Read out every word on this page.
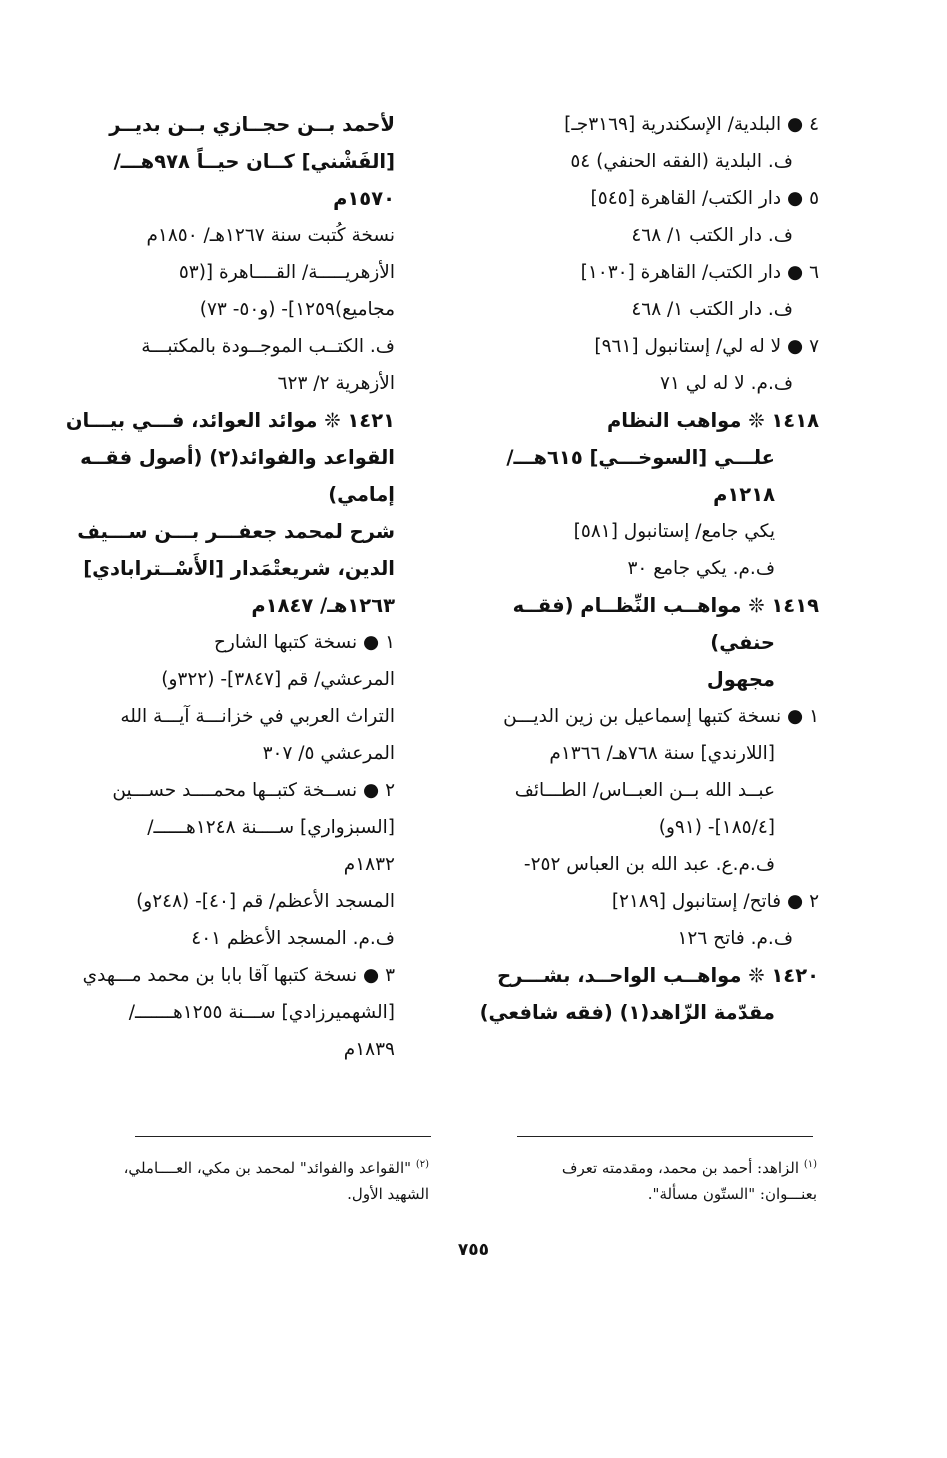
٤ ● البلدية/ الإسكندرية [٣١٦٩جـ]
ف. البلدية (الفقه الحنفي) ٥٤
٥ ● دار الكتب/ القاهرة [٥٤٥]
ف. دار الكتب ١/ ٤٦٨
٦ ● دار الكتب/ القاهرة [١٠٣٠]
ف. دار الكتب ١/ ٤٦٨
٧ ● لا له لي/ إستانبول [٩٦١]
ف.م. لا له لي ٧١
١٤١٨ ❊ مواهب النظام
علـــي [السوخـــي] ٦١٥هـــ/
١٢١٨م
يكي جامع/ إستانبول [٥٨١]
ف.م. يكي جامع ٣٠
١٤١٩ ❊ مواهــب النِّظــام (فقــه
حنفي)
مجهول
١ ● نسخة كتبها إسماعيل بن زين الديـــن
[اللارندي] سنة ٧٦٨هـ/ ١٣٦٦م
عبــد الله بــن العبــاس/ الطـــائف
[١٨٥/٤]- (٩١و)
ف.م.ع. عبد الله بن العباس ٢٥٢-
٢ ● فاتح/ إستانبول [٢١٨٩]
ف.م. فاتح ١٢٦
١٤٢٠ ❊ مواهــب الواحــد، بشـــرح
مقدّمة الزّاهد(١) (فقه شافعي)
لأحمد بــن حجــازي بــن بديــر
[الفَشْني] كــان حيــاً ٩٧٨هـــ/
١٥٧٠م
نسخة كُتبت سنة ١٢٦٧هـ/ ١٨٥٠م
الأزهريـــــة/ القــــاهرة [(٥٣
مجاميع)١٢٥٩]- (و٥٠- ٧٣)
ف. الكتــب الموجــودة بالمكتبـــة
الأزهرية ٢/ ٦٢٣
١٤٢١ ❊ موائد العوائد، فـــي بيـــان
القواعد والفوائد(٢) (أصول فقــه
إمامي)
شرح لمحمد جعفـــر بـــن ســـيف
الدين، شريعتْمَدار [الأَسْــترابادي]
١٢٦٣هـ/ ١٨٤٧م
١ ● نسخة كتبها الشارح
المرعشي/ قم [٣٨٤٧]- (٣٢٢و)
التراث العربي في خزانـــة آيـــة الله
المرعشي ٥/ ٣٠٧
٢ ● نســخة كتبــها محمــــد حســـين
[السبزواري] ســــنة ١٢٤٨هــــــ/
١٨٣٢م
المسجد الأعظم/ قم [٤٠]- (٢٤٨و)
ف.م. المسجد الأعظم ٤٠١
٣ ● نسخة كتبها آقا بابا بن محمد مـــهدي
[الشهميرزادي] ســـنة ١٢٥٥هـــــــ/
١٨٣٩م
$^{(١)}$ الزاهد: أحمد بن محمد، ومقدمته تعرف بعنـــوان: "الستّون مسألة".
$^{(٢)}$ "القواعد والفوائد" لمحمد بن مكي، العــــاملي، الشهيد الأول.
٧٥٥
